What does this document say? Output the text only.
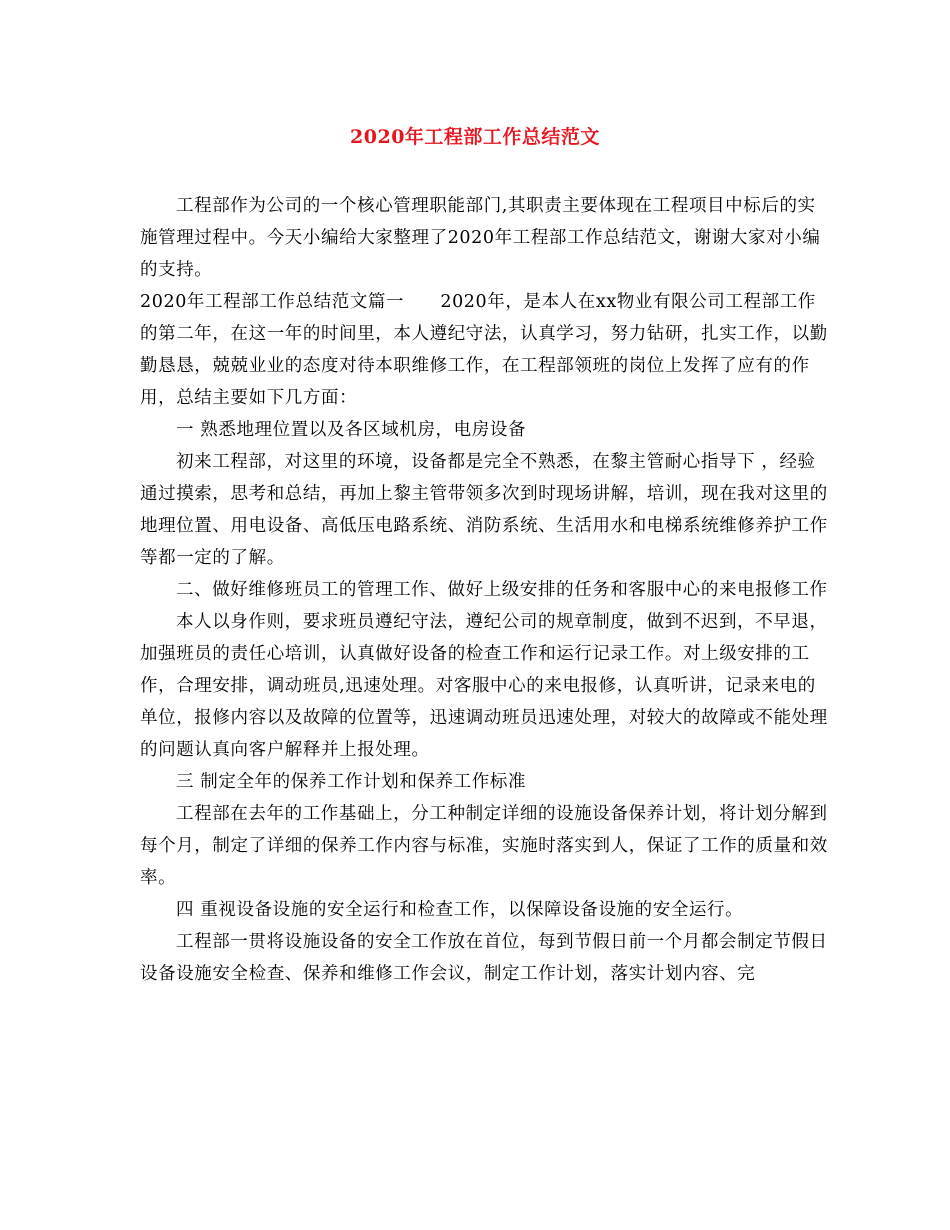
2020年工程部工作总结范文

工程部作为公司的一个核心管理职能部门,其职责主要体现在工程项目中标后的实施管理过程中。今天小编给大家整理了2020年工程部工作总结范文，谢谢大家对小编的支持。

2020年工程部工作总结范文篇一　　2020年，是本人在xx物业有限公司工程部工作的第二年，在这一年的时间里，本人遵纪守法，认真学习，努力钻研，扎实工作，以勤勤恳恳，兢兢业业的态度对待本职维修工作，在工程部领班的岗位上发挥了应有的作用，总结主要如下几方面：

一 熟悉地理位置以及各区域机房，电房设备

初来工程部，对这里的环境，设备都是完全不熟悉，在黎主管耐心指导下 ，经验通过摸索，思考和总结，再加上黎主管带领多次到时现场讲解，培训，现在我对这里的地理位置、用电设备、高低压电路系统、消防系统、生活用水和电梯系统维修养护工作等都一定的了解。

二、做好维修班员工的管理工作、做好上级安排的任务和客服中心的来电报修工作

本人以身作则，要求班员遵纪守法，遵纪公司的规章制度，做到不迟到，不早退，加强班员的责任心培训，认真做好设备的检查工作和运行记录工作。对上级安排的工作，合理安排，调动班员,迅速处理。对客服中心的来电报修，认真听讲，记录来电的单位，报修内容以及故障的位置等，迅速调动班员迅速处理，对较大的故障或不能处理的问题认真向客户解释并上报处理。

三 制定全年的保养工作计划和保养工作标准

工程部在去年的工作基础上，分工种制定详细的设施设备保养计划，将计划分解到每个月，制定了详细的保养工作内容与标准，实施时落实到人，保证了工作的质量和效率。

四 重视设备设施的安全运行和检查工作，以保障设备设施的安全运行。

工程部一贯将设施设备的安全工作放在首位，每到节假日前一个月都会制定节假日设备设施安全检查、保养和维修工作会议，制定工作计划，落实计划内容、完
